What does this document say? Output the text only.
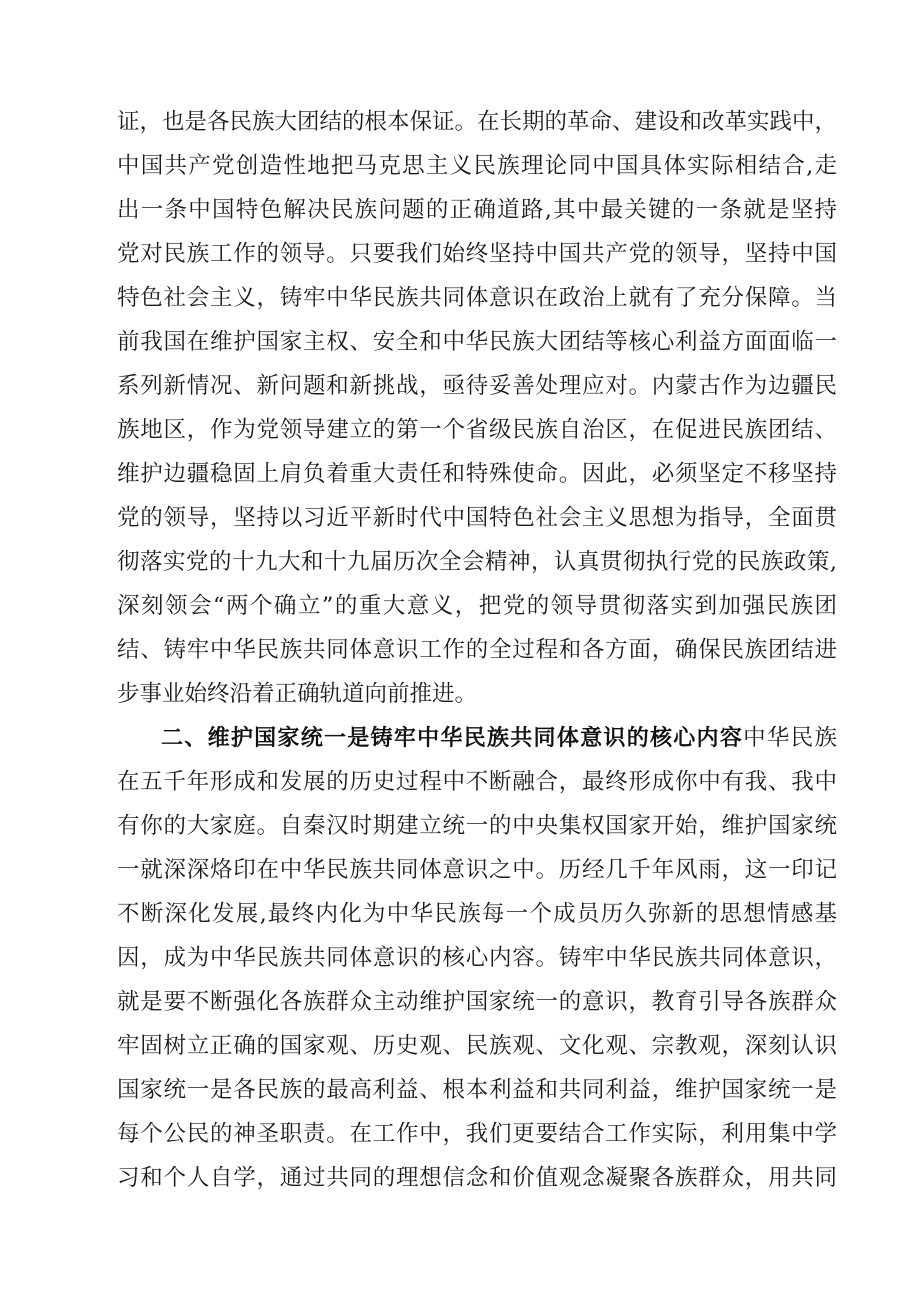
证，也是各民族大团结的根本保证。在长期的革命、建设和改革实践中，
中国共产党创造性地把马克思主义民族理论同中国具体实际相结合,走
出一条中国特色解决民族问题的正确道路,其中最关键的一条就是坚持
党对民族工作的领导。只要我们始终坚持中国共产党的领导，坚持中国
特色社会主义，铸牢中华民族共同体意识在政治上就有了充分保障。当
前我国在维护国家主权、安全和中华民族大团结等核心利益方面面临一
系列新情况、新问题和新挑战，亟待妥善处理应对。内蒙古作为边疆民
族地区，作为党领导建立的第一个省级民族自治区，在促进民族团结、
维护边疆稳固上肩负着重大责任和特殊使命。因此，必须坚定不移坚持
党的领导，坚持以习近平新时代中国特色社会主义思想为指导，全面贯
彻落实党的十九大和十九届历次全会精神，认真贯彻执行党的民族政策,
深刻领会“两个确立”的重大意义，把党的领导贯彻落实到加强民族团
结、铸牢中华民族共同体意识工作的全过程和各方面，确保民族团结进
步事业始终沿着正确轨道向前推进。
二、维护国家统一是铸牢中华民族共同体意识的核心内容中华民族
在五千年形成和发展的历史过程中不断融合，最终形成你中有我、我中
有你的大家庭。自秦汉时期建立统一的中央集权国家开始，维护国家统
一就深深烙印在中华民族共同体意识之中。历经几千年风雨，这一印记
不断深化发展,最终内化为中华民族每一个成员历久弥新的思想情感基
因，成为中华民族共同体意识的核心内容。铸牢中华民族共同体意识，
就是要不断强化各族群众主动维护国家统一的意识，教育引导各族群众
牢固树立正确的国家观、历史观、民族观、文化观、宗教观，深刻认识
国家统一是各民族的最高利益、根本利益和共同利益，维护国家统一是
每个公民的神圣职责。在工作中，我们更要结合工作实际，利用集中学
习和个人自学，通过共同的理想信念和价值观念凝聚各族群众，用共同
